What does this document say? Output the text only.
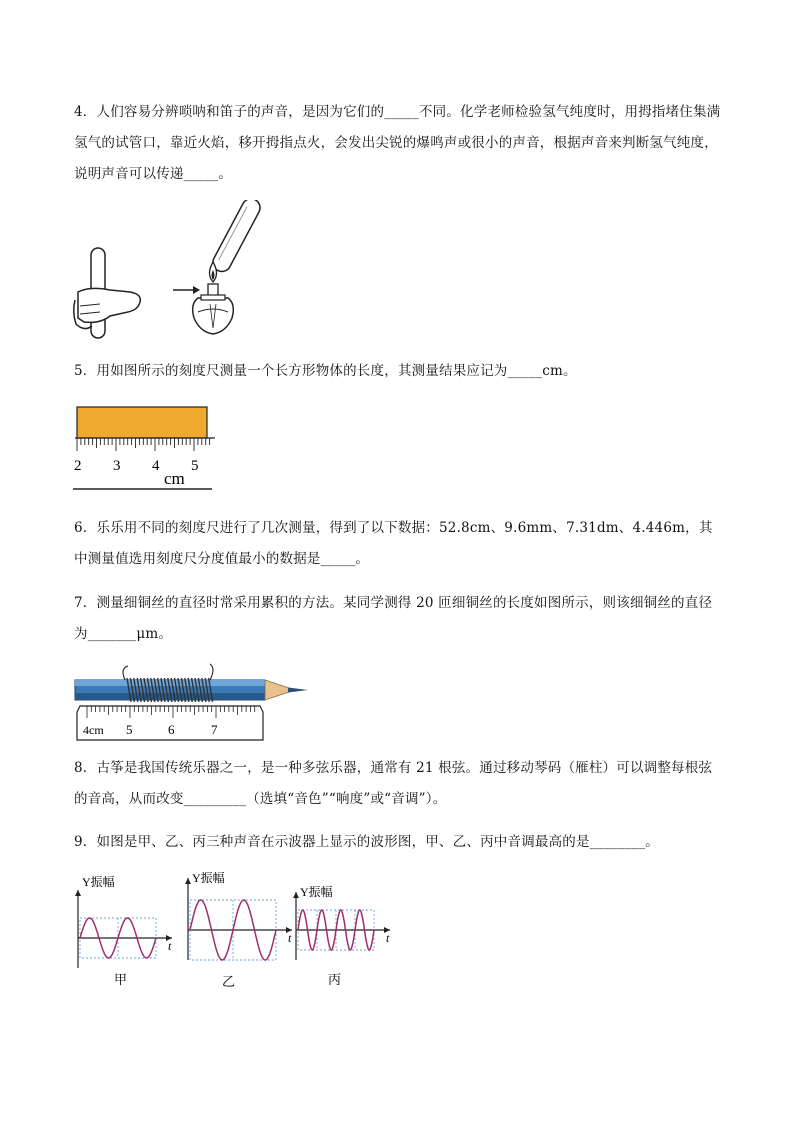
4．人们容易分辨唢呐和笛子的声音，是因为它们的_____不同。化学老师检验氢气纯度时，用拇指堵住集满氢气的试管口，靠近火焰，移开拇指点火，会发出尖锐的爆鸣声或很小的声音，根据声音来判断氢气纯度，说明声音可以传递_____。
5．用如图所示的刻度尺测量一个长方形物体的长度，其测量结果应记为_____cm。
2 3 4 5
cm
6．乐乐用不同的刻度尺进行了几次测量，得到了以下数据：52.8cm、9.6mm、7.31dm、4.446m，其中测量值选用刻度尺分度值最小的数据是_____。
7．测量细铜丝的直径时常采用累积的方法。某同学测得 20 匝细铜丝的长度如图所示，则该细铜丝的直径为_______μm。
4cm 5	6	7
8．古筝是我国传统乐器之一，是一种多弦乐器，通常有 21 根弦。通过移动琴码（雁柱）可以调整每根弦的音高，从而改变_________（选填“音色”“响度”或“音调”）。
9．如图是甲、乙、丙三种声音在示波器上显示的波形图，甲、乙、丙中音调最高的是________。
Y振幅
t
甲
Y振幅
t
乙
Y振幅
t
丙
